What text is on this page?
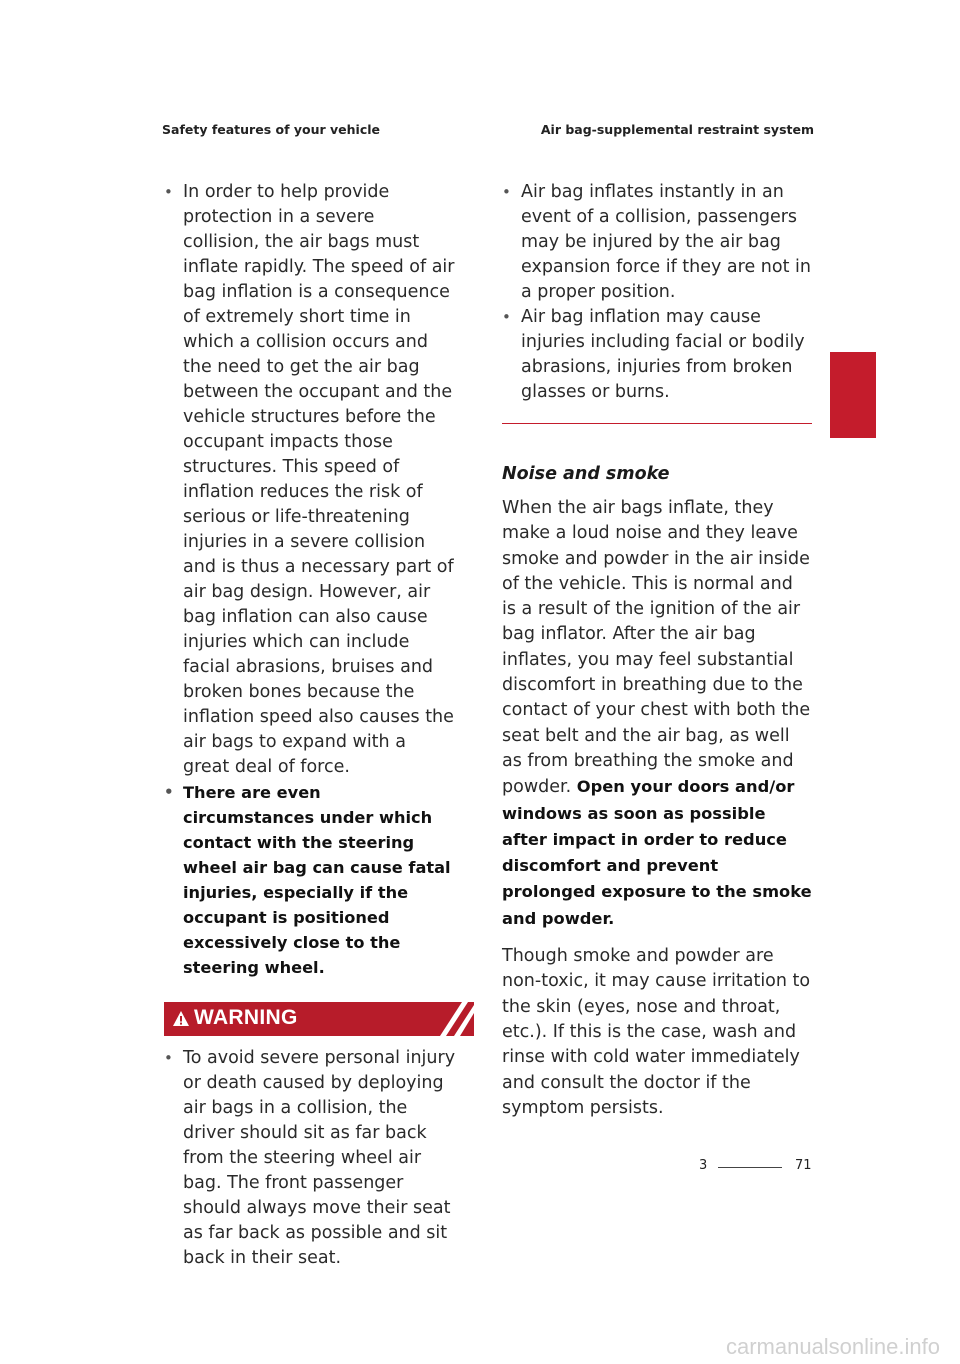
Safety features of your vehicle	Air bag-supplemental restraint system
• In order to help provide protection in a severe collision, the air bags must inflate rapidly. The speed of air bag inflation is a consequence of extremely short time in which a collision occurs and the need to get the air bag between the occupant and the vehicle structures before the occupant impacts those structures. This speed of inflation reduces the risk of serious or life-threatening injuries in a severe collision and is thus a necessary part of air bag design. However, air bag inflation can also cause injuries which can include facial abrasions, bruises and broken bones because the inflation speed also causes the air bags to expand with a great deal of force.
• There are even circumstances under which contact with the steering wheel air bag can cause fatal injuries, especially if the occupant is positioned excessively close to the steering wheel.
WARNING
• To avoid severe personal injury or death caused by deploying air bags in a collision, the driver should sit as far back from the steering wheel air bag. The front passenger should always move their seat as far back as possible and sit back in their seat.
• Air bag inflates instantly in an event of a collision, passengers may be injured by the air bag expansion force if they are not in a proper position.
• Air bag inflation may cause injuries including facial or bodily abrasions, injuries from broken glasses or burns.
Noise and smoke

When the air bags inflate, they make a loud noise and they leave smoke and powder in the air inside of the vehicle. This is normal and is a result of the ignition of the air bag inflator. After the air bag inflates, you may feel substantial discomfort in breathing due to the contact of your chest with both the seat belt and the air bag, as well as from breathing the smoke and powder. Open your doors and/or windows as soon as possible after impact in order to reduce discomfort and prevent prolonged exposure to the smoke and powder.

Though smoke and powder are non-toxic, it may cause irritation to the skin (eyes, nose and throat, etc.). If this is the case, wash and rinse with cold water immediately and consult the doctor if the symptom persists.

3
3	71
carmanualsonline.info
